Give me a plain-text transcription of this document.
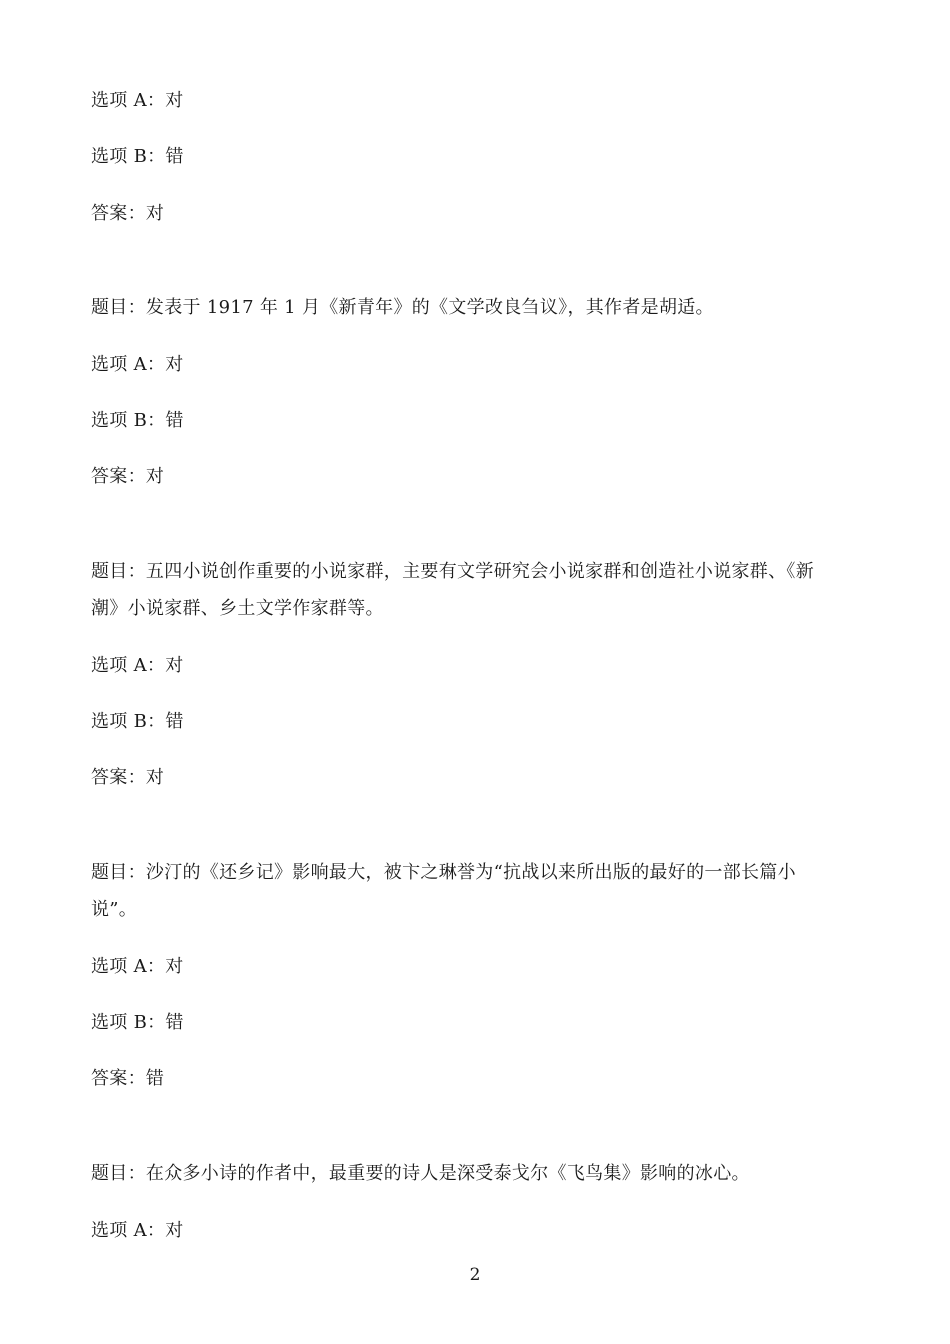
选项 A：对
选项 B：错
答案：对
题目：发表于 1917 年 1 月《新青年》的《文学改良刍议》，其作者是胡适。
选项 A：对
选项 B：错
答案：对
题目：五四小说创作重要的小说家群，主要有文学研究会小说家群和创造社小说家群、《新
潮》小说家群、乡土文学作家群等。
选项 A：对
选项 B：错
答案：对
题目：沙汀的《还乡记》影响最大，被卞之琳誉为“抗战以来所出版的最好的一部长篇小
说”。
选项 A：对
选项 B：错
答案：错
题目：在众多小诗的作者中，最重要的诗人是深受泰戈尔《飞鸟集》影响的冰心。
选项 A：对
2
